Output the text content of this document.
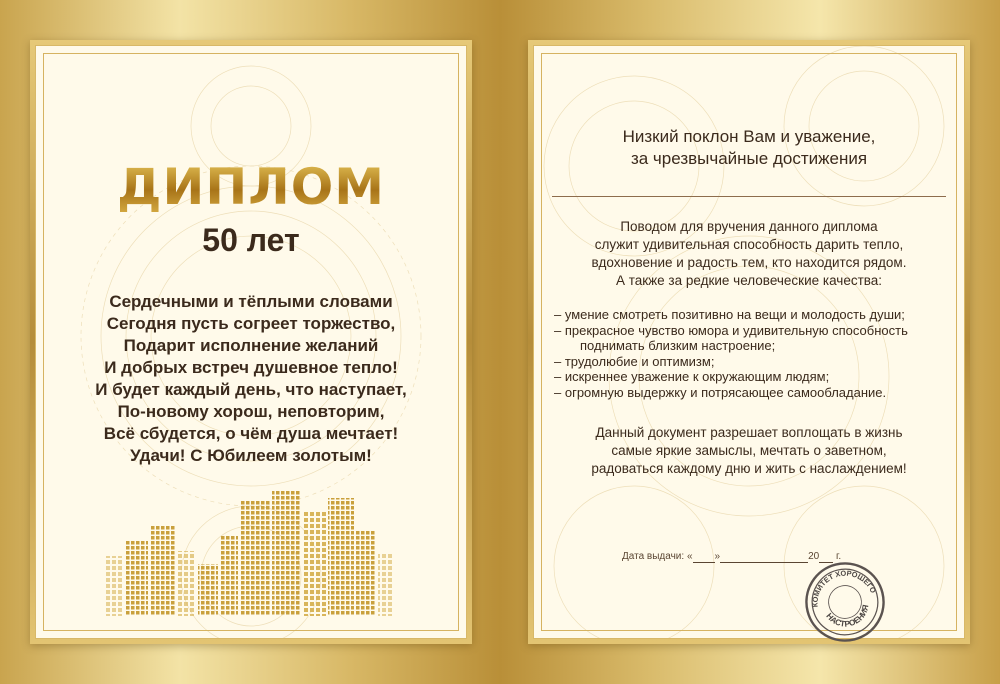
ДИПЛОМ
50 лет
Сердечными и тёплыми словами
Сегодня пусть согреет торжество,
Подарит исполнение желаний
И добрых встреч душевное тепло!
И будет каждый день, что наступает,
По-новому хорош, неповторим,
Всё сбудется, о чём душа мечтает!
Удачи! С Юбилеем золотым!
Низкий поклон Вам и уважение,
за чрезвычайные достижения
Поводом для вручения данного диплома
служит удивительная способность дарить тепло,
вдохновение и радость тем, кто находится рядом.
А также за редкие человеческие качества:
– умение смотреть позитивно на вещи и молодость души;
– прекрасное чувство юмора и удивительную способность
поднимать близким настроение;
– трудолюбие и оптимизм;
– искреннее уважение к окружающим людям;
– огромную выдержку и потрясающее самообладание.
Данный документ разрешает воплощать в жизнь
самые яркие замыслы, мечтать о заветном,
радоваться каждому дню и жить с наслаждением!
Дата выдачи: « »	20 г.
КОМИТЕТ ХОРОШЕГО
НАСТРОЕНИЯ
